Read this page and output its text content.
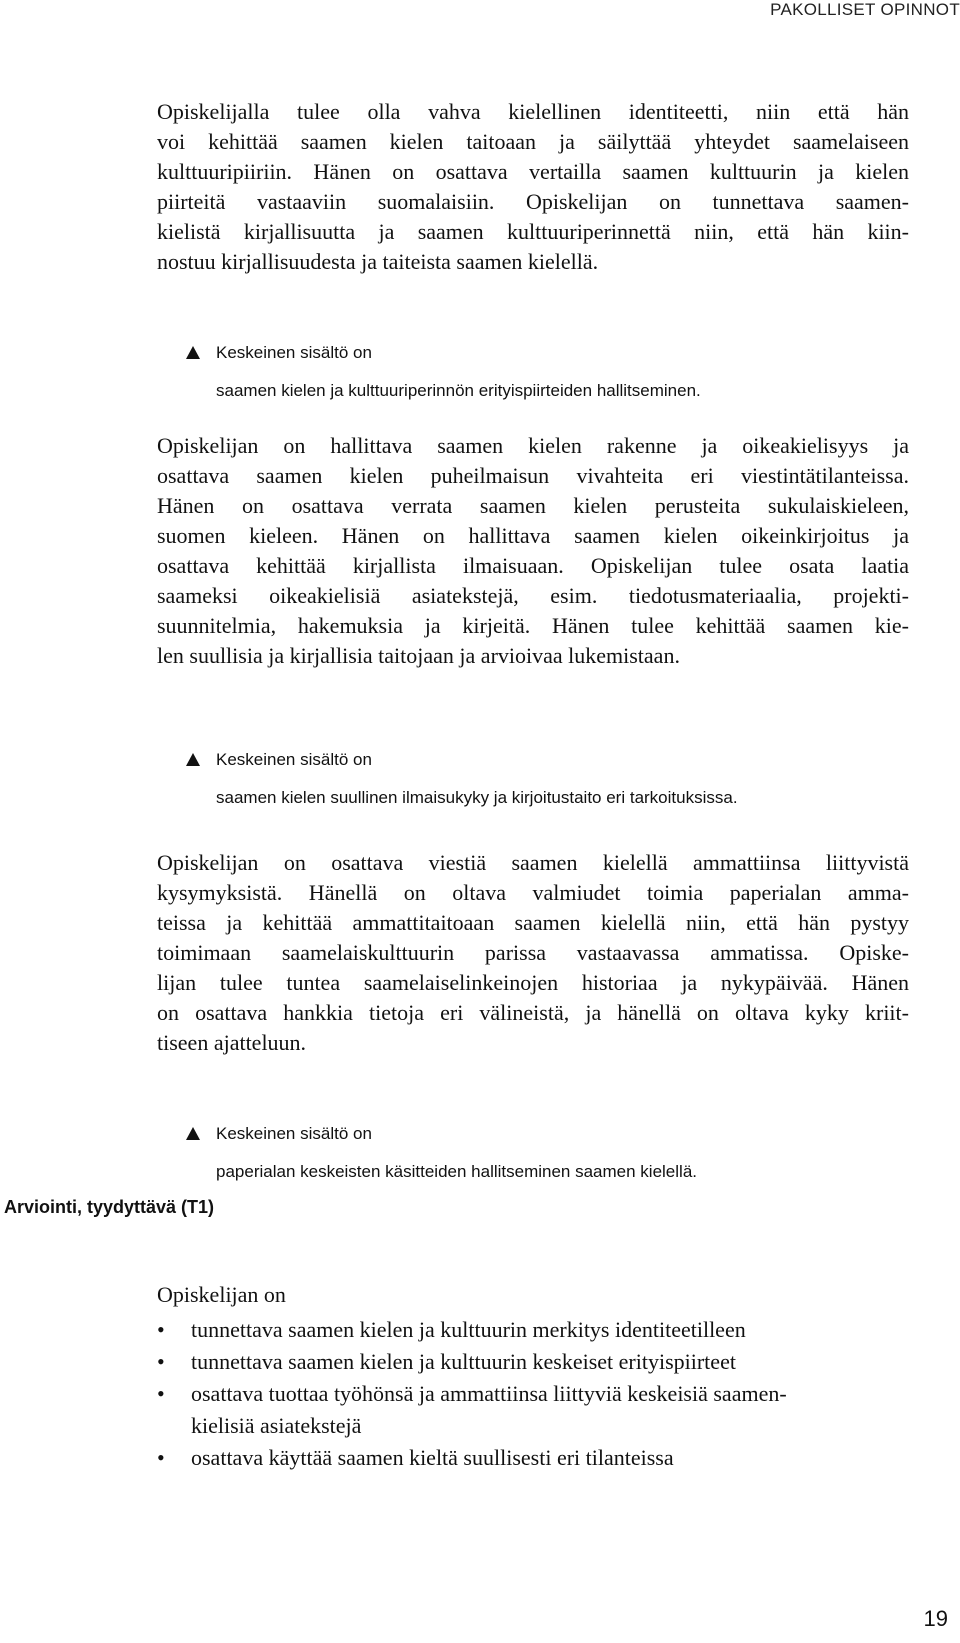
PAKOLLISET OPINNOT
Opiskelijalla tulee olla vahva kielellinen identiteetti, niin että hän
voi kehittää saamen kielen taitoaan ja säilyttää yhteydet saamelaiseen
kulttuuripiiriin. Hänen on osattava vertailla saamen kulttuurin ja kielen
piirteitä vastaaviin suomalaisiin. Opiskelijan on tunnettava saamen-
kielistä kirjallisuutta ja saamen kulttuuriperinnettä niin, että hän kiin-
nostuu kirjallisuudesta ja taiteista saamen kielellä.
Keskeinen sisältö on
saamen kielen ja kulttuuriperinnön erityispiirteiden hallitseminen.
Opiskelijan on hallittava saamen kielen rakenne ja oikeakielisyys ja
osattava saamen kielen puheilmaisun vivahteita eri viestintätilanteissa.
Hänen on osattava verrata saamen kielen perusteita sukulaiskieleen,
suomen kieleen. Hänen on hallittava saamen kielen oikeinkirjoitus ja
osattava kehittää kirjallista ilmaisuaan. Opiskelijan tulee osata laatia
saameksi oikeakielisiä asiatekstejä, esim. tiedotusmateriaalia, projekti-
suunnitelmia, hakemuksia ja kirjeitä. Hänen tulee kehittää saamen kie-
len suullisia ja kirjallisia taitojaan ja arvioivaa lukemistaan.
Keskeinen sisältö on
saamen kielen suullinen ilmaisukyky ja kirjoitustaito eri tarkoituksissa.
Opiskelijan on osattava viestiä saamen kielellä ammattiinsa liittyvistä
kysymyksistä. Hänellä on oltava valmiudet toimia paperialan amma-
teissa ja kehittää ammattitaitoaan saamen kielellä niin, että hän pystyy
toimimaan saamelaiskulttuurin parissa vastaavassa ammatissa. Opiske-
lijan tulee tuntea saamelaiselinkeinojen historiaa ja nykypäivää. Hänen
on osattava hankkia tietoja eri välineistä, ja hänellä on oltava kyky kriit-
tiseen ajatteluun.
Keskeinen sisältö on
paperialan keskeisten käsitteiden hallitseminen saamen kielellä.
Arviointi, tyydyttävä (T1)
Opiskelijan on
• tunnettava saamen kielen ja kulttuurin merkitys identiteetilleen
• tunnettava saamen kielen ja kulttuurin keskeiset erityispiirteet
• osattava tuottaa työhönsä ja ammattiinsa liittyviä keskeisiä saamen-
kielisiä asiatekstejä
• osattava käyttää saamen kieltä suullisesti eri tilanteissa
19
